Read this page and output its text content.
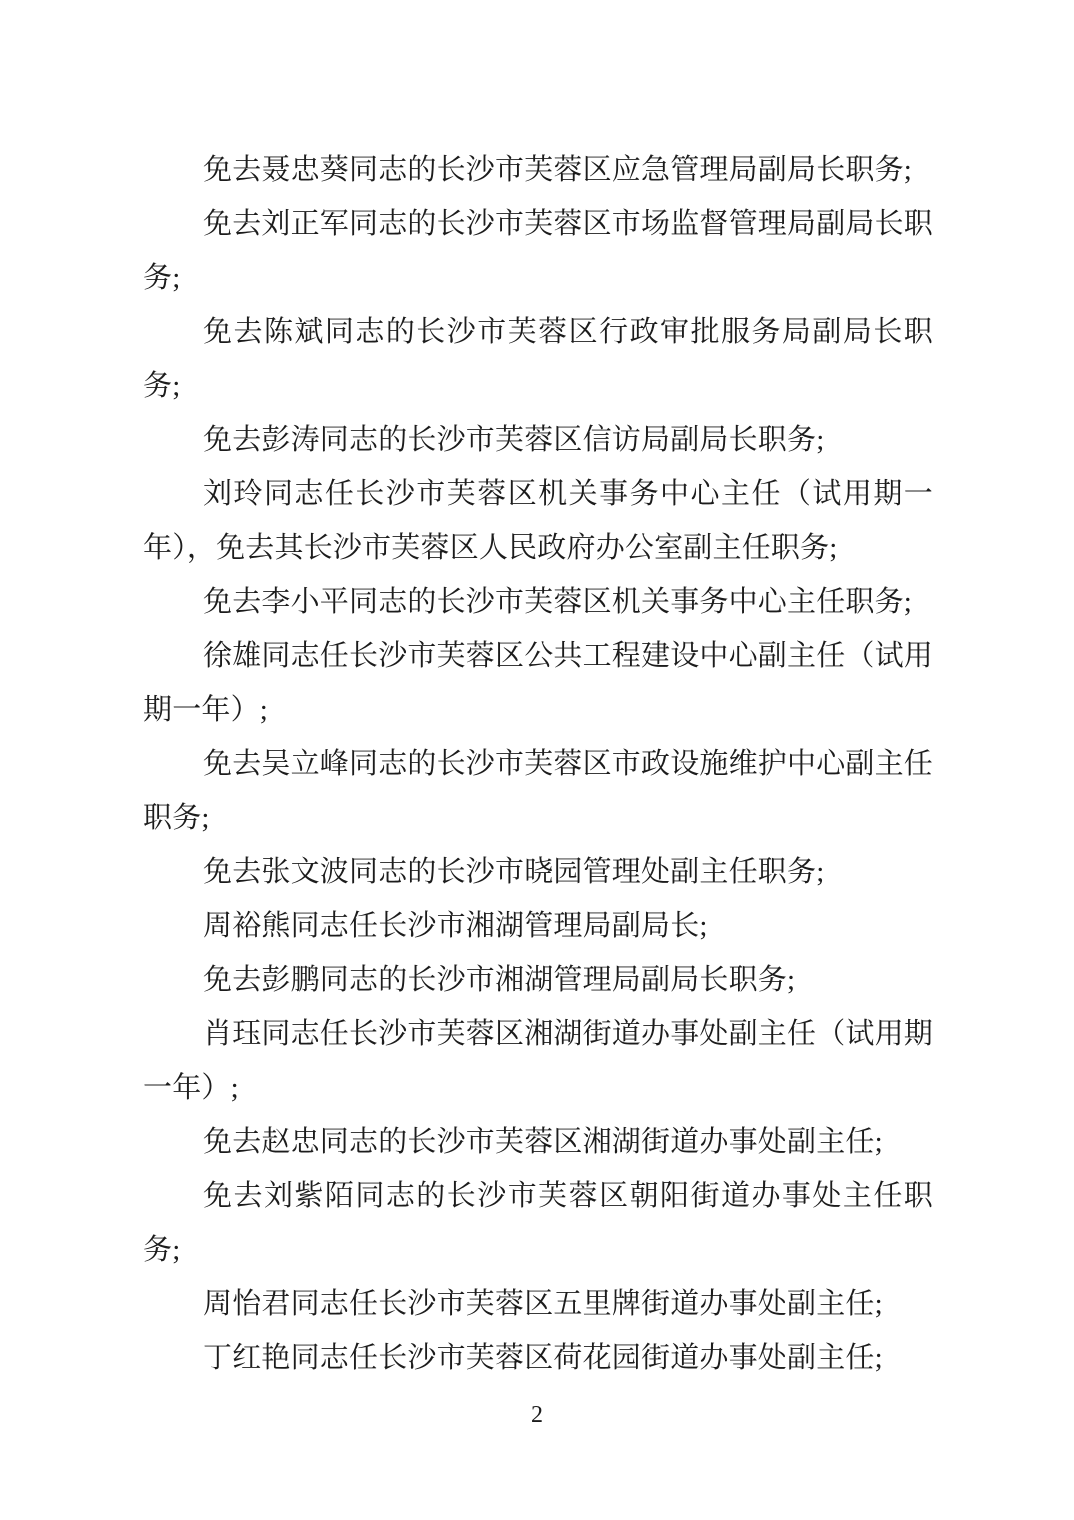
免去聂忠葵同志的长沙市芙蓉区应急管理局副局长职务;

免去刘正军同志的长沙市芙蓉区市场监督管理局副局长职务;

免去陈斌同志的长沙市芙蓉区行政审批服务局副局长职务;

免去彭涛同志的长沙市芙蓉区信访局副局长职务;

刘玲同志任长沙市芙蓉区机关事务中心主任（试用期一年），免去其长沙市芙蓉区人民政府办公室副主任职务;

免去李小平同志的长沙市芙蓉区机关事务中心主任职务;

徐雄同志任长沙市芙蓉区公共工程建设中心副主任（试用期一年）;

免去吴立峰同志的长沙市芙蓉区市政设施维护中心副主任职务;

免去张文波同志的长沙市晓园管理处副主任职务;

周裕熊同志任长沙市湘湖管理局副局长;

免去彭鹏同志的长沙市湘湖管理局副局长职务;

肖珏同志任长沙市芙蓉区湘湖街道办事处副主任（试用期一年）;

免去赵忠同志的长沙市芙蓉区湘湖街道办事处副主任;

免去刘紫陌同志的长沙市芙蓉区朝阳街道办事处主任职务;

周怡君同志任长沙市芙蓉区五里牌街道办事处副主任;

丁红艳同志任长沙市芙蓉区荷花园街道办事处副主任;

2
